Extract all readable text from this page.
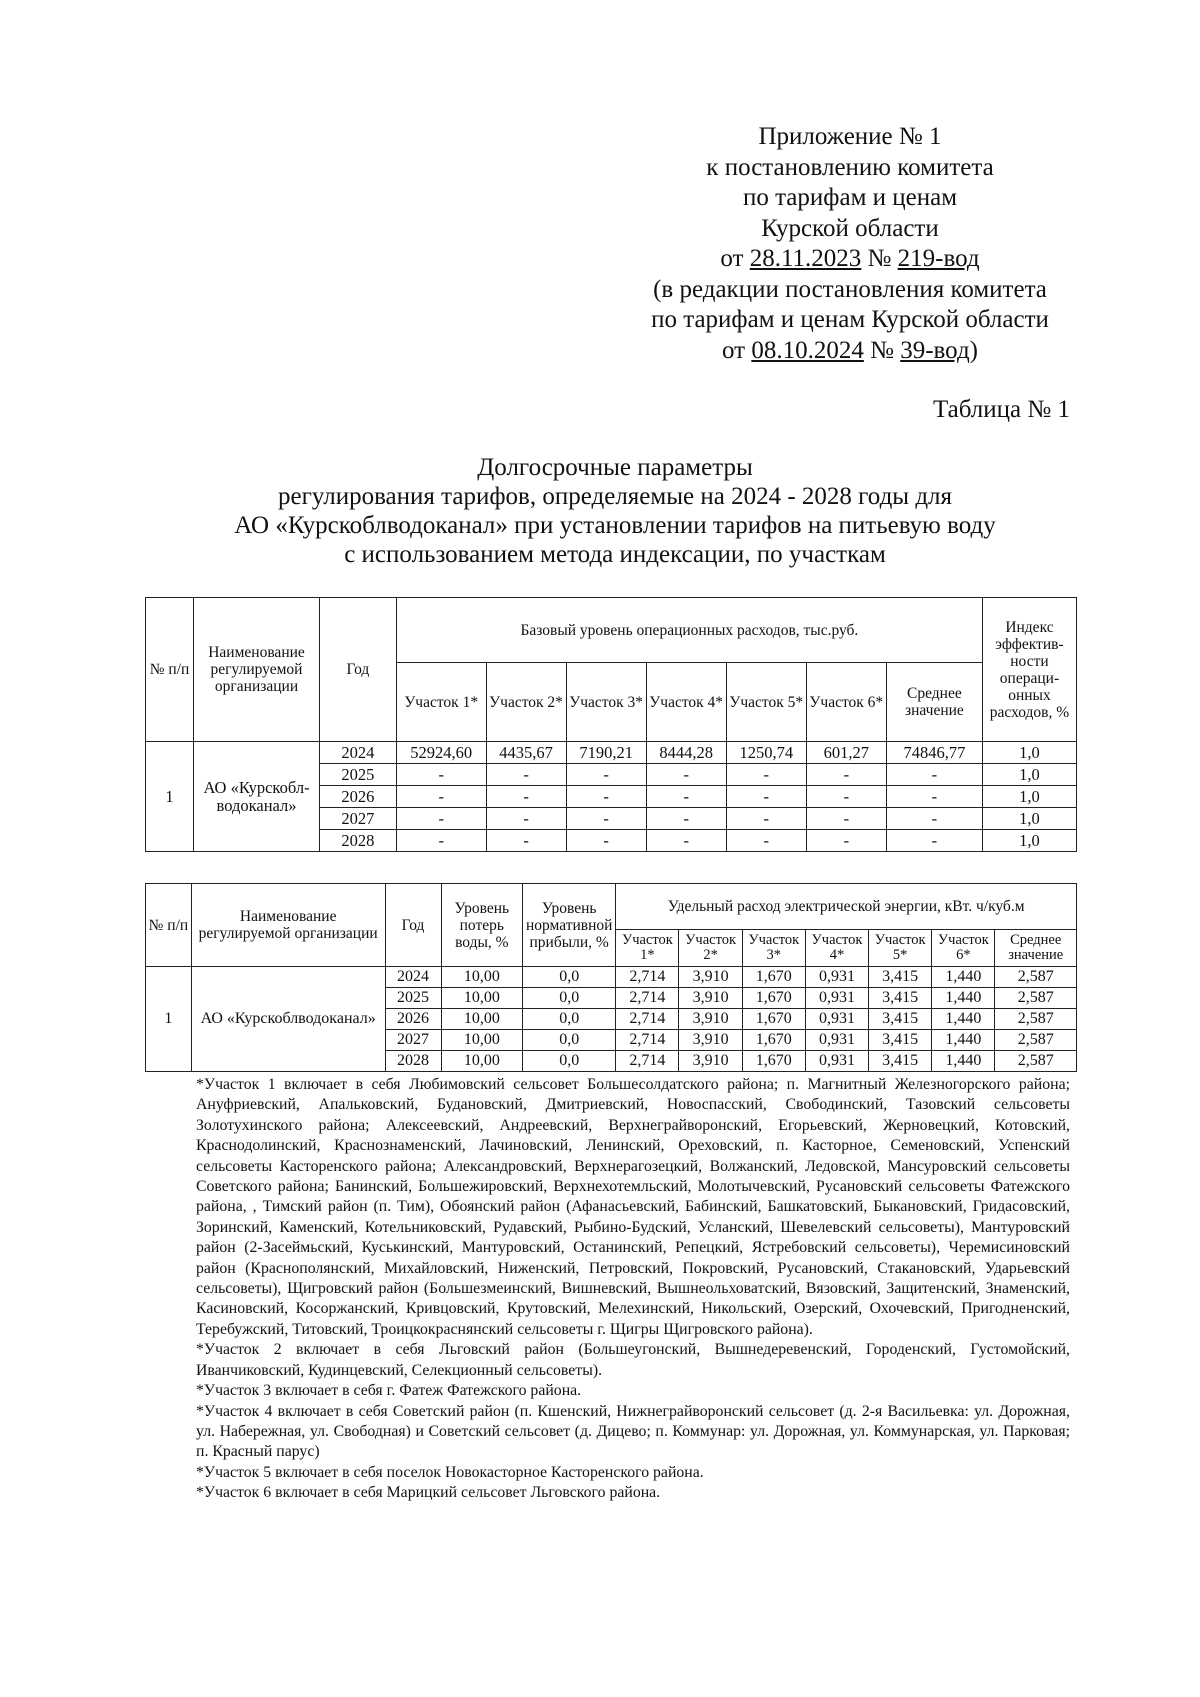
Приложение № 1
к постановлению комитета
по тарифам и ценам
Курской области
от 28.11.2023 № 219-вод
(в редакции постановления комитета
по тарифам и ценам Курской области
от 08.10.2024 № 39-вод)
Таблица № 1
Долгосрочные параметры
регулирования тарифов, определяемые на 2024 - 2028 годы для
АО «Курскоблводоканал» при установлении тарифов на питьевую воду
с использованием метода индексации, по участкам
№ п/п	Наименование регулируемой организации	Год	Базовый уровень операционных расходов, тыс.руб.							Индекс эффектив-ности операци-онных расходов, %
			Участок 1*	Участок 2*	Участок 3*	Участок 4*	Участок 5*	Участок 6*	Среднее значение	
1	АО «Курскобл-водоканал»	2024	52924,60	4435,67	7190,21	8444,28	1250,74	601,27	74846,77	1,0
		2025	-	-	-	-	-	-	-	1,0
		2026	-	-	-	-	-	-	-	1,0
		2027	-	-	-	-	-	-	-	1,0
		2028	-	-	-	-	-	-	-	1,0
№ п/п	Наименование регулируемой организации	Год	Уровень потерь воды, %	Уровень нормативной прибыли, %	Удельный расход электрической энергии, кВт. ч/куб.м						
					Участок 1*	Участок 2*	Участок 3*	Участок 4*	Участок 5*	Участок 6*	Среднее значение
1	АО «Курскоблводоканал»	2024	10,00	0,0	2,714	3,910	1,670	0,931	3,415	1,440	2,587
		2025	10,00	0,0	2,714	3,910	1,670	0,931	3,415	1,440	2,587
		2026	10,00	0,0	2,714	3,910	1,670	0,931	3,415	1,440	2,587
		2027	10,00	0,0	2,714	3,910	1,670	0,931	3,415	1,440	2,587
		2028	10,00	0,0	2,714	3,910	1,670	0,931	3,415	1,440	2,587

*Участок 1 включает в себя Любимовский сельсовет Большесолдатского района; п. Магнитный Железногорского района; Ануфриевский, Апальковский, Будановский, Дмитриевский, Новоспасский, Свободинский, Тазовский сельсоветы Золотухинского района; Алексеевский, Андреевский, Верхнеграйворонский, Егорьевский, Жерновецкий, Котовский, Краснодолинский, Краснознаменский, Лачиновский, Ленинский, Ореховский, п. Касторное, Семеновский, Успенский сельсоветы Касторенского района; Александровский, Верхнерагозецкий, Волжанский, Ледовской, Мансуровский сельсоветы Советского района; Банинский, Большежировский, Верхнехотемльский, Молотычевский, Русановский сельсоветы Фатежского района, , Тимский район (п. Тим), Обоянский район (Афанасьевский, Бабинский, Башкатовский, Быкановский, Гридасовский, Зоринский, Каменский, Котельниковский, Рудавский, Рыбино-Будский, Усланский, Шевелевский сельсоветы), Мантуровский район (2-Засеймьский, Куськинский, Мантуровский, Останинский, Репецкий, Ястребовский сельсоветы), Черемисиновский район (Краснополянский, Михайловский, Ниженский, Петровский, Покровский, Русановский, Стакановский, Ударьевский сельсоветы), Щигровский район (Большезмеинский, Вишневский, Вышнеольховатский, Вязовский, Защитенский, Знаменский, Касиновский, Косоржанский, Кривцовский, Крутовский, Мелехинский, Никольский, Озерский, Охочевский, Пригодненский, Теребужский, Титовский, Троицкокраснянский сельсоветы г. Щигры Щигровского района).

*Участок 2 включает в себя Льговский район (Большеугонский, Вышнедеревенский, Городенский, Густомойский, Иванчиковский, Кудинцевский, Селекционный сельсоветы).

*Участок 3 включает в себя г. Фатеж Фатежского района.

*Участок 4 включает в себя Советский район (п. Кшенский, Нижнеграйворонский сельсовет (д. 2-я Васильевка: ул. Дорожная, ул. Набережная, ул. Свободная) и Советский сельсовет (д. Дицево; п. Коммунар: ул. Дорожная, ул. Коммунарская, ул. Парковая; п. Красный парус)

*Участок 5 включает в себя поселок Новокасторное Касторенского района.

*Участок 6 включает в себя Марицкий сельсовет Льговского района.
